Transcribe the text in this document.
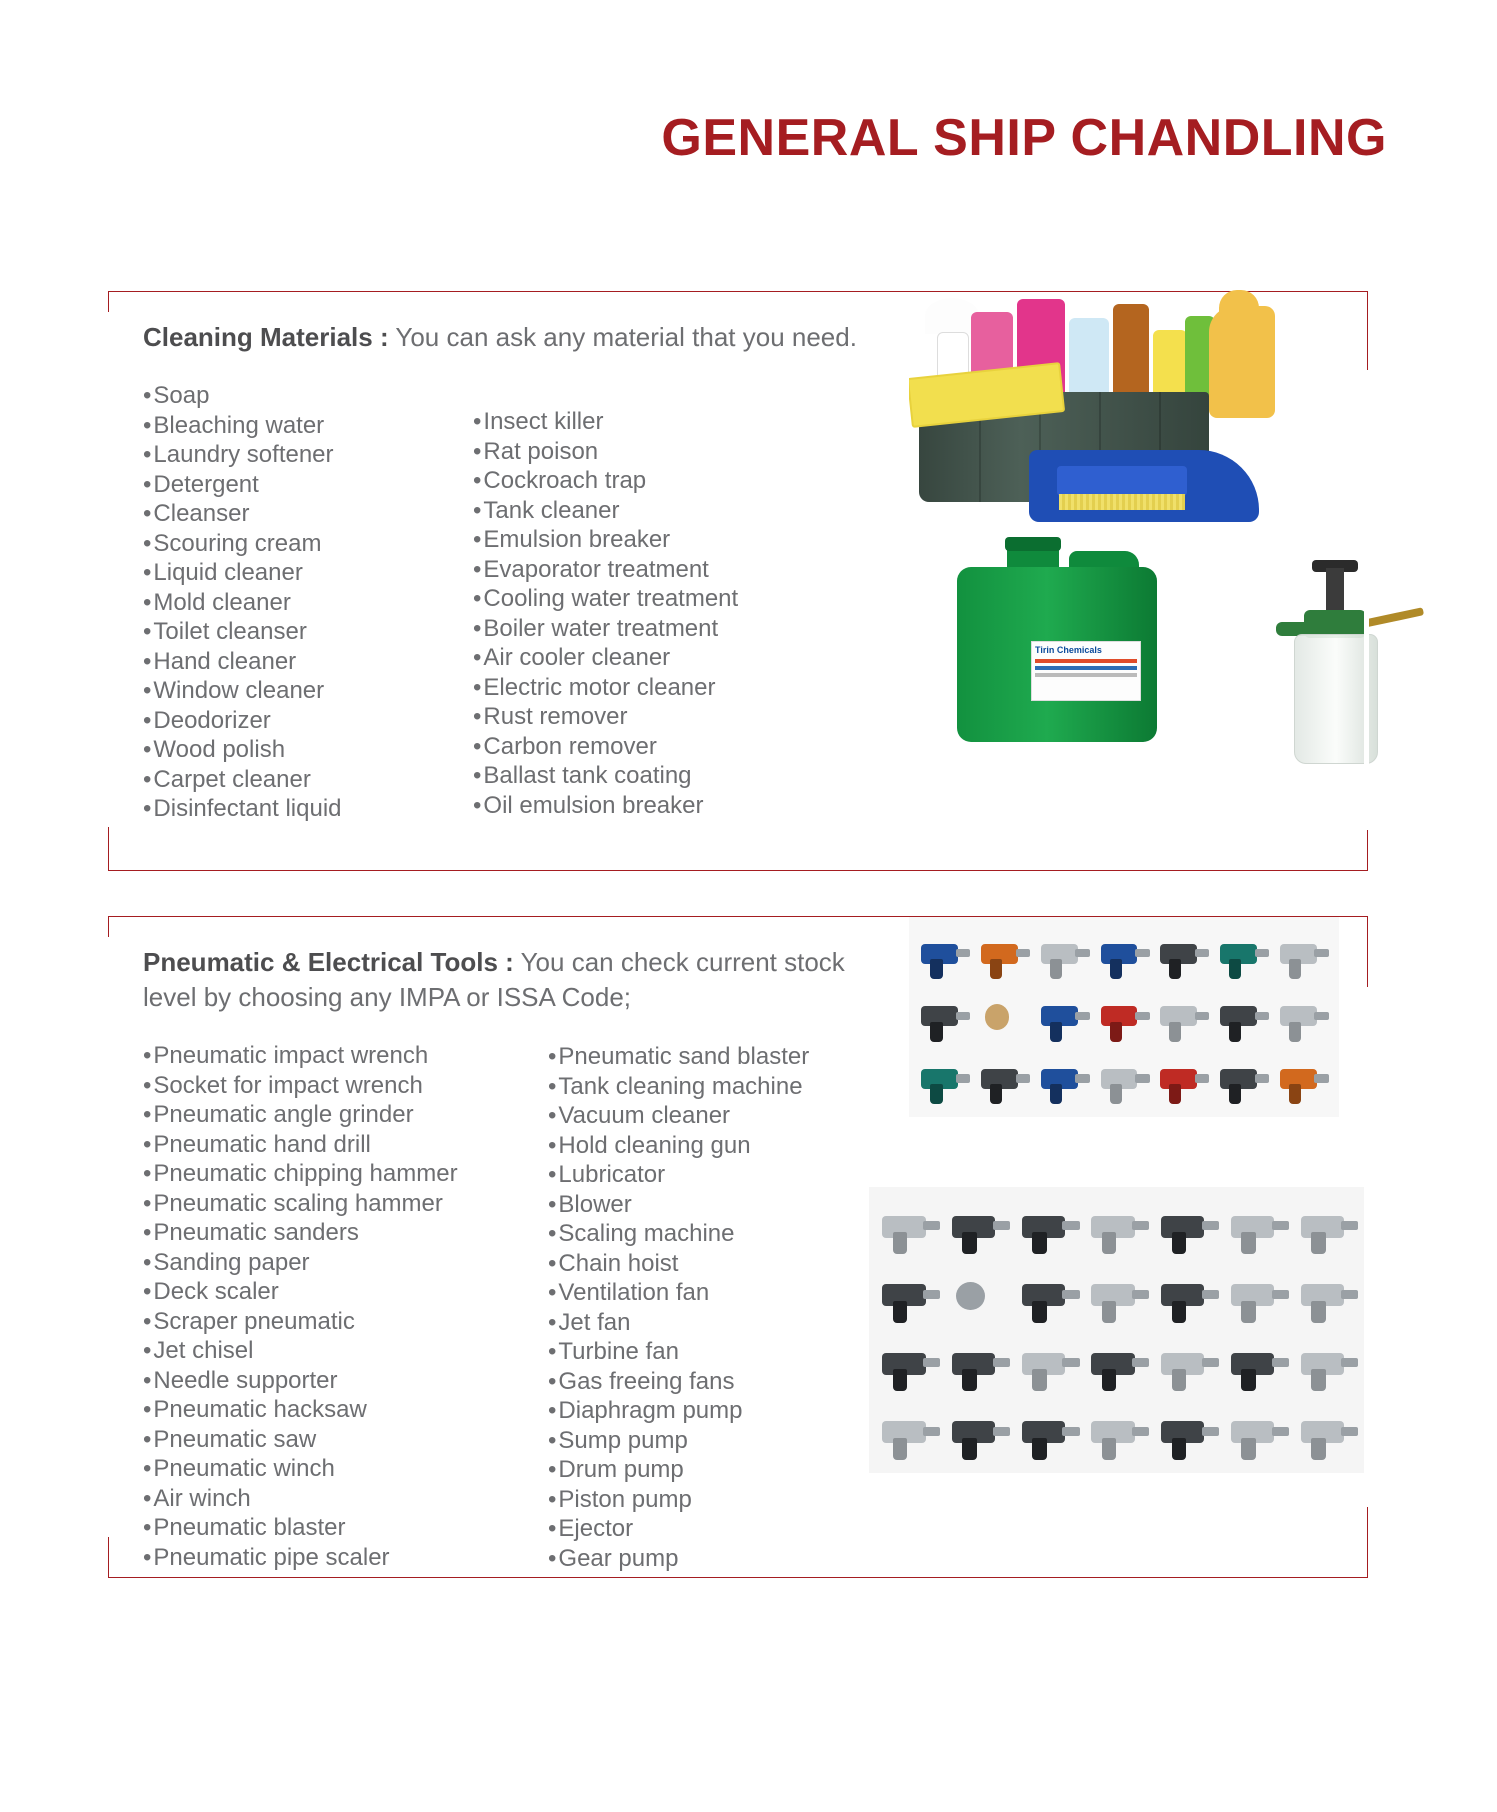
GENERAL SHIP CHANDLING
Cleaning Materials : You can ask any material that you need.
• Soap
• Bleaching water
• Laundry softener
• Detergent
• Cleanser
• Scouring cream
• Liquid cleaner
• Mold cleaner
• Toilet cleanser
• Hand cleaner
• Window cleaner
• Deodorizer
• Wood polish
• Carpet cleaner
• Disinfectant liquid
• Insect killer
• Rat poison
• Cockroach trap
• Tank cleaner
• Emulsion breaker
• Evaporator treatment
• Cooling water treatment
• Boiler water treatment
• Air cooler cleaner
• Electric motor cleaner
• Rust remover
• Carbon remover
• Ballast tank coating
• Oil emulsion breaker
Tirin Chemicals
Pneumatic & Electrical Tools : You can check current stock level by choosing any IMPA or ISSA Code;
• Pneumatic impact wrench
• Socket for impact wrench
• Pneumatic angle grinder
• Pneumatic hand drill
• Pneumatic chipping hammer
• Pneumatic scaling hammer
• Pneumatic sanders
• Sanding paper
• Deck scaler
• Scraper pneumatic
• Jet chisel
• Needle supporter
• Pneumatic hacksaw
• Pneumatic saw
• Pneumatic winch
• Air winch
• Pneumatic blaster
• Pneumatic pipe scaler
• Pneumatic sand blaster
• Tank cleaning machine
• Vacuum cleaner
• Hold cleaning gun
• Lubricator
• Blower
• Scaling machine
• Chain hoist
• Ventilation fan
• Jet fan
• Turbine fan
• Gas freeing fans
• Diaphragm pump
• Sump pump
• Drum pump
• Piston pump
• Ejector
• Gear pump
